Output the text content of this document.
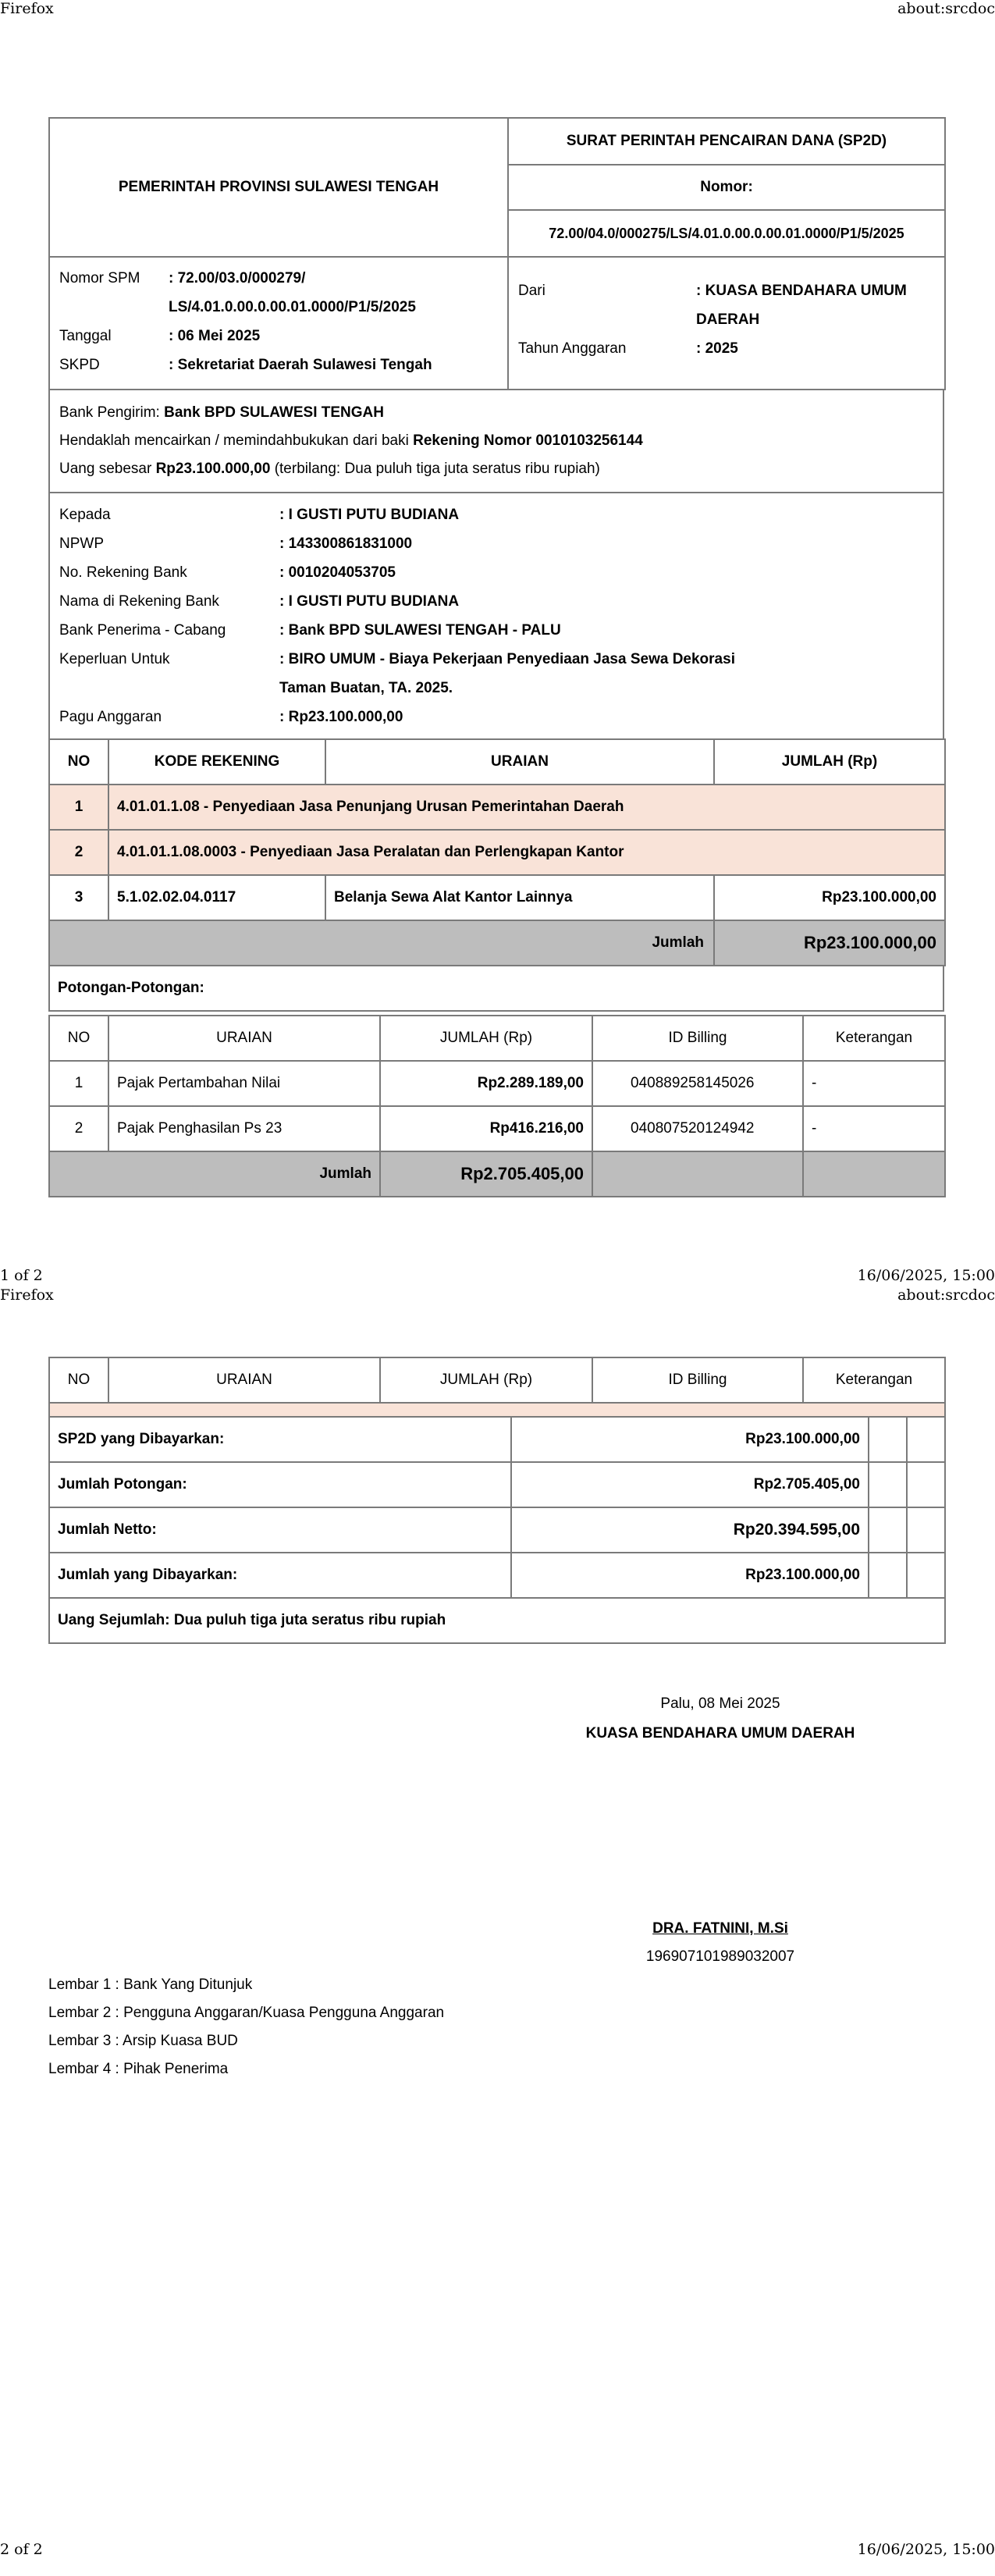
Firefox	about:srcdoc
PEMERINTAH PROVINSI SULAWESI TENGAH	SURAT PERINTAH PENCAIRAN DANA (SP2D)
Nomor:
72.00/04.0/000275/LS/4.01.0.00.0.00.01.0000/P1/5/2025
Nomor SPM	: 72.00/03.0/000279/
LS/4.01.0.00.0.00.01.0000/P1/5/2025
Tanggal	: 06 Mei 2025
SKPD	: Sekretariat Daerah Sulawesi Tengah

Dari	: KUASA BENDAHARA UMUM
DAERAH
Tahun Anggaran	: 2025
Bank Pengirim: Bank BPD SULAWESI TENGAH
Hendaklah mencairkan / memindahbukukan dari baki Rekening Nomor 0010103256144
Uang sebesar Rp23.100.000,00 (terbilang: Dua puluh tiga juta seratus ribu rupiah)
Kepada	: I GUSTI PUTU BUDIANA
NPWP	: 143300861831000
No. Rekening Bank	: 0010204053705
Nama di Rekening Bank	: I GUSTI PUTU BUDIANA
Bank Penerima - Cabang	: Bank BPD SULAWESI TENGAH - PALU
Keperluan Untuk	: BIRO UMUM - Biaya Pekerjaan Penyediaan Jasa Sewa Dekorasi
Taman Buatan, TA. 2025.
Pagu Anggaran	: Rp23.100.000,00
NO	KODE REKENING	URAIAN	JUMLAH (Rp)
1	4.01.01.1.08 - Penyediaan Jasa Penunjang Urusan Pemerintahan Daerah		
2	4.01.01.1.08.0003 - Penyediaan Jasa Peralatan dan Perlengkapan Kantor		
3	5.1.02.02.04.0117	Belanja Sewa Alat Kantor Lainnya	Rp23.100.000,00
Jumlah			Rp23.100.000,00
Potongan-Potongan:
NO	URAIAN	JUMLAH (Rp)	ID Billing	Keterangan
1	Pajak Pertambahan Nilai	Rp2.289.189,00	040889258145026	-
2	Pajak Penghasilan Ps 23	Rp416.216,00	040807520124942	-
Jumlah		Rp2.705.405,00		
1 of 2	16/06/2025, 15:00
Firefox	about:srcdoc
NO	URAIAN	JUMLAH (Rp)	ID Billing	Keterangan

SP2D yang Dibayarkan:	Rp23.100.000,00		
Jumlah Potongan:	Rp2.705.405,00		
Jumlah Netto:	Rp20.394.595,00		
Jumlah yang Dibayarkan:	Rp23.100.000,00		
Uang Sejumlah: Dua puluh tiga juta seratus ribu rupiah			
Palu, 08 Mei 2025
KUASA BENDAHARA UMUM DAERAH
DRA. FATNINI, M.Si
196907101989032007
Lembar 1 : Bank Yang Ditunjuk
Lembar 2 : Pengguna Anggaran/Kuasa Pengguna Anggaran
Lembar 3 : Arsip Kuasa BUD
Lembar 4 : Pihak Penerima
2 of 2	16/06/2025, 15:00
